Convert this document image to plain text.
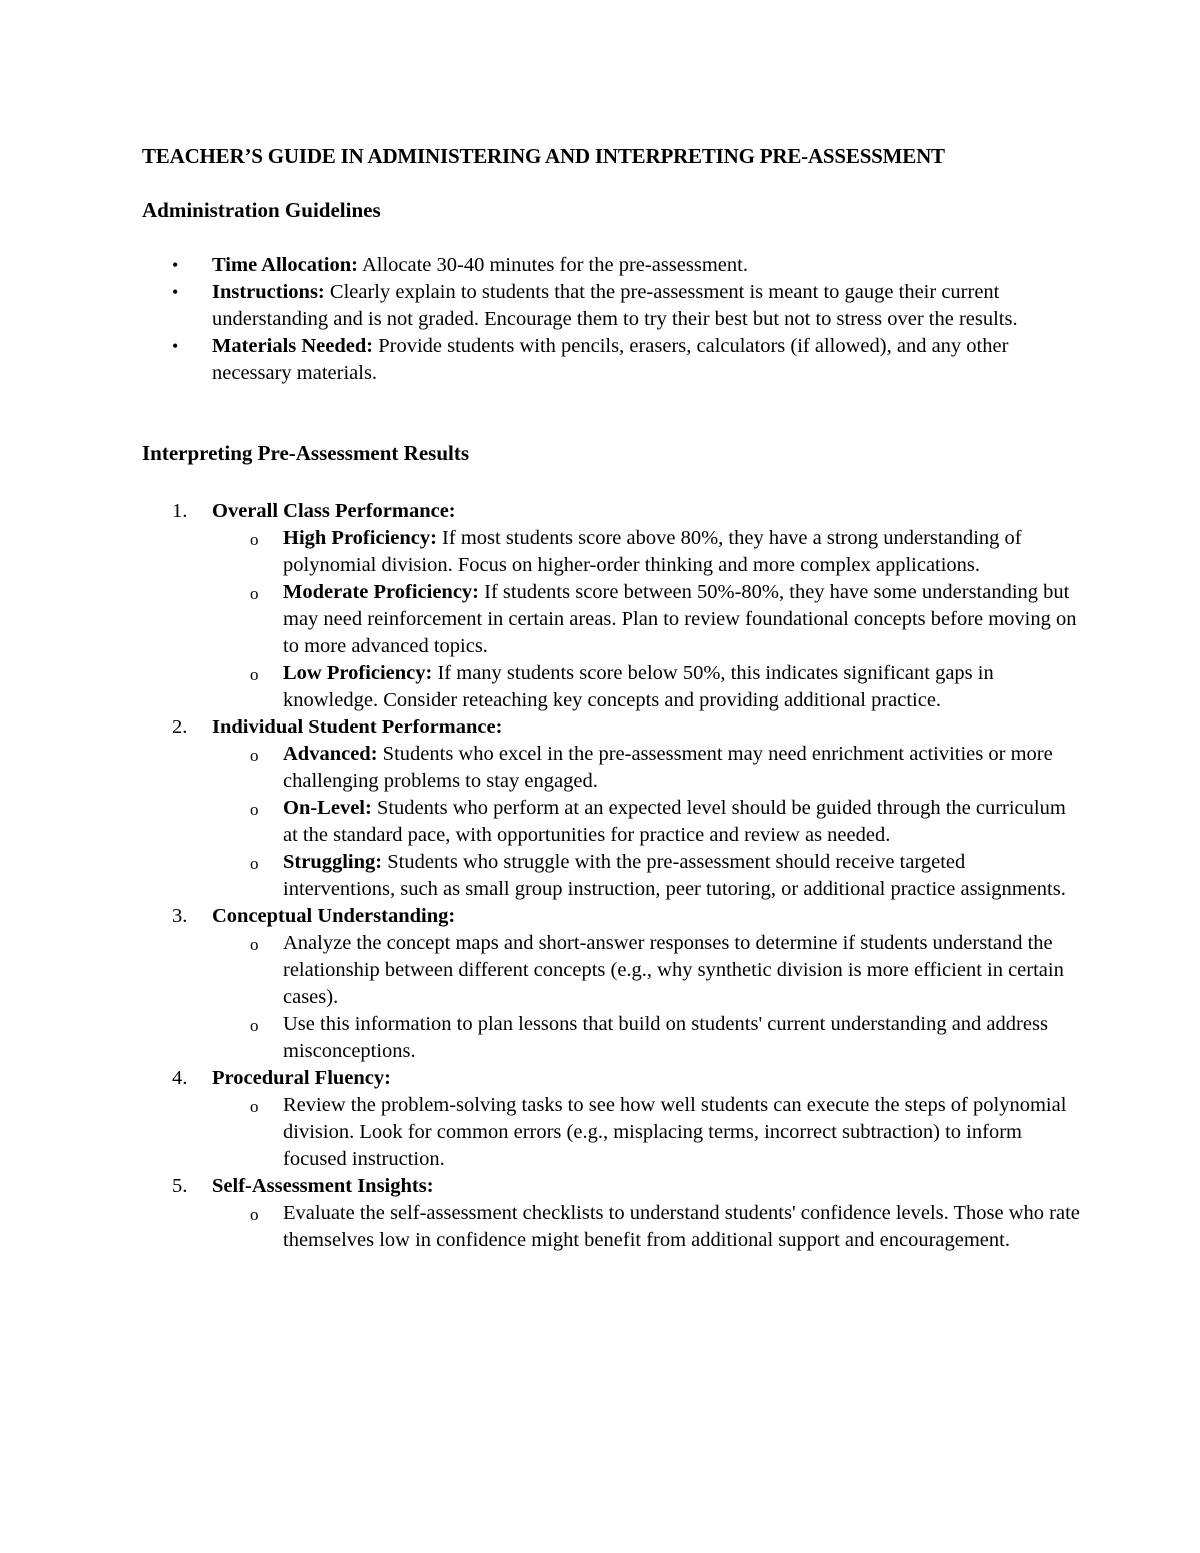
TEACHER’S GUIDE IN ADMINISTERING AND INTERPRETING PRE-ASSESSMENT
Administration Guidelines
• Time Allocation: Allocate 30-40 minutes for the pre-assessment.
• Instructions: Clearly explain to students that the pre-assessment is meant to gauge their current understanding and is not graded. Encourage them to try their best but not to stress over the results.
• Materials Needed: Provide students with pencils, erasers, calculators (if allowed), and any other necessary materials.
Interpreting Pre-Assessment Results
1. Overall Class Performance:
o High Proficiency: If most students score above 80%, they have a strong understanding of polynomial division. Focus on higher-order thinking and more complex applications.
o Moderate Proficiency: If students score between 50%-80%, they have some understanding but may need reinforcement in certain areas. Plan to review foundational concepts before moving on to more advanced topics.
o Low Proficiency: If many students score below 50%, this indicates significant gaps in knowledge. Consider reteaching key concepts and providing additional practice.
2. Individual Student Performance:
o Advanced: Students who excel in the pre-assessment may need enrichment activities or more challenging problems to stay engaged.
o On-Level: Students who perform at an expected level should be guided through the curriculum at the standard pace, with opportunities for practice and review as needed.
o Struggling: Students who struggle with the pre-assessment should receive targeted interventions, such as small group instruction, peer tutoring, or additional practice assignments.
3. Conceptual Understanding:
o Analyze the concept maps and short-answer responses to determine if students understand the relationship between different concepts (e.g., why synthetic division is more efficient in certain cases).
o Use this information to plan lessons that build on students' current understanding and address misconceptions.
4. Procedural Fluency:
o Review the problem-solving tasks to see how well students can execute the steps of polynomial division. Look for common errors (e.g., misplacing terms, incorrect subtraction) to inform focused instruction.
5. Self-Assessment Insights:
o Evaluate the self-assessment checklists to understand students' confidence levels. Those who rate themselves low in confidence might benefit from additional support and encouragement.
